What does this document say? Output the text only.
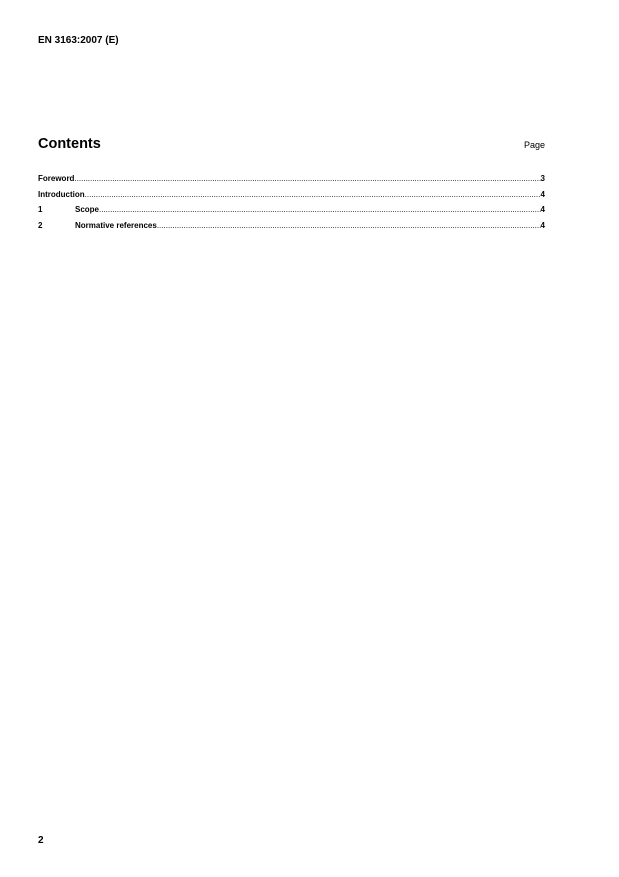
EN 3163:2007 (E)
Contents	Page
Foreword .....	3
Introduction .....	4
1	Scope .....	4
2	Normative references .....	4
2
